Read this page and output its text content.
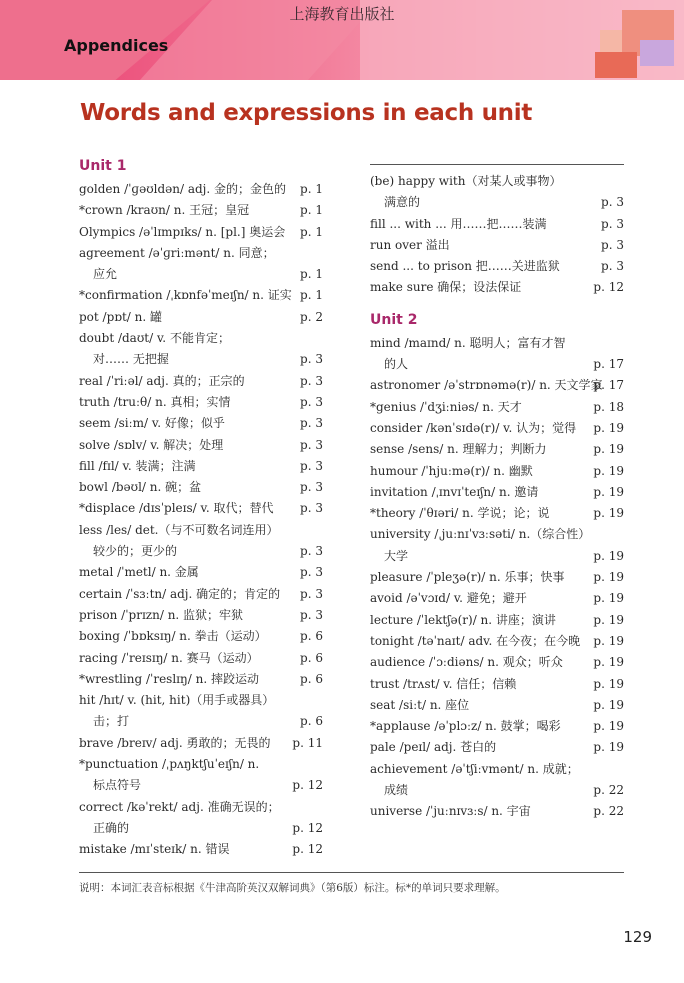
上海教育出版社
Appendices
Words and expressions in each unit
Unit 1
golden /ˈɡəʊldən/ adj. 金的；金色的 p. 1
*crown /kraʊn/ n. 王冠；皇冠	p. 1
Olympics /əˈlɪmpɪks/ n. [pl.] 奥运会 p. 1
agreement /əˈɡriːmənt/ n. 同意；
应允	p. 1
*confirmation /ˌkɒnfəˈmeɪʃn/ n. 证实 p. 1
pot /pɒt/ n. 罐	p. 2
doubt /daʊt/ v. 不能肯定；
对…… 无把握	p. 3
real /ˈriːəl/ adj. 真的；正宗的	p. 3
truth /truːθ/ n. 真相；实情	p. 3
seem /siːm/ v. 好像；似乎	p. 3
solve /sɒlv/ v. 解决；处理	p. 3
fill /fɪl/ v. 装满；注满	p. 3
bowl /bəʊl/ n. 碗；盆	p. 3
*displace /dɪsˈpleɪs/ v. 取代；替代 p. 3
less /les/ det.（与不可数名词连用）
较少的；更少的	p. 3
metal /ˈmetl/ n. 金属	p. 3
certain /ˈsɜːtn/ adj. 确定的；肯定的 p. 3
prison /ˈprɪzn/ n. 监狱；牢狱	p. 3
boxing /ˈbɒksɪŋ/ n. 拳击（运动）	p. 6
racing /ˈreɪsɪŋ/ n. 赛马（运动）	p. 6
*wrestling /ˈreslɪŋ/ n. 摔跤运动	p. 6
hit /hɪt/ v. (hit, hit)（用手或器具）
击；打	p. 6
brave /breɪv/ adj. 勇敢的；无畏的 p. 11
*punctuation /ˌpʌŋktʃuˈeɪʃn/ n.
标点符号	p. 12
correct /kəˈrekt/ adj. 准确无误的；
正确的	p. 12
mistake /mɪˈsteɪk/ n. 错误	p. 12
(be) happy with（对某人或事物）
满意的	p. 3
fill ... with ... 用……把……装满	p. 3
run over 溢出	p. 3
send ... to prison 把……关进监狱	p. 3
make sure 确保；设法保证	p. 12
Unit 2
mind /maɪnd/ n. 聪明人；富有才智
的人	p. 17
astronomer /əˈstrɒnəmə(r)/ n. 天文学家
p. 17
*genius /ˈdʒiːniəs/ n. 天才	p. 18
consider /kənˈsɪdə(r)/ v. 认为；觉得 p. 19
sense /sens/ n. 理解力；判断力	p. 19
humour /ˈhjuːmə(r)/ n. 幽默	p. 19
invitation /ˌɪnvɪˈteɪʃn/ n. 邀请	p. 19
*theory /ˈθɪəri/ n. 学说；论；说	p. 19
university /ˌjuːnɪˈvɜːsəti/ n.（综合性）
大学	p. 19
pleasure /ˈpleʒə(r)/ n. 乐事；快事 p. 19
avoid /əˈvɔɪd/ v. 避免；避开	p. 19
lecture /ˈlektʃə(r)/ n. 讲座；演讲	p. 19
tonight /təˈnaɪt/ adv. 在今夜；在今晚 p. 19
audience /ˈɔːdiəns/ n. 观众；听众	p. 19
trust /trʌst/ v. 信任；信赖	p. 19
seat /siːt/ n. 座位	p. 19
*applause /əˈplɔːz/ n. 鼓掌；喝彩	p. 19
pale /peɪl/ adj. 苍白的	p. 19
achievement /əˈtʃiːvmənt/ n. 成就；
成绩	p. 22
universe /ˈjuːnɪvɜːs/ n. 宇宙	p. 22
说明：本词汇表音标根据《牛津高阶英汉双解词典》（第6版）标注。标*的单词只要求理解。
129
